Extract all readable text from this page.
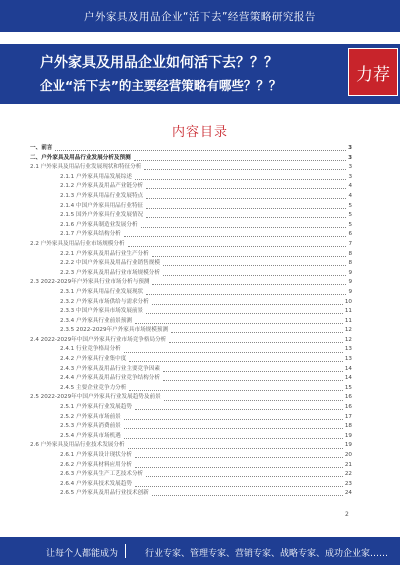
户外家具及用品企业“活下去”经营策略研究报告
户外家具及用品企业如何活下去？？？
企业“活下去”的主要经营策略有哪些？？？
力荐
内容目录
一、前言	3
二、户外家具及用品行业发展分析及预测	3
2.1 户外家具及用品行业发展现状和特征分析	3
2.1.1 户外家具用品发展综述	3
2.1.2 户外家具及用品产业链分析	4
2.1.3 户外家具用品行业发展特点	4
2.1.4 中国户外家具用品行业特征	5
2.1.5 国外户外家具行业发展情况	5
2.1.6 户外家具制造业发展分析	5
2.1.7 户外家具结构分析	6
2.2 户外家具及用品行业市场规模分析	7
2.2.1 户外家具及用品行业生产分析	8
2.2.2 中国户外家具及用品行业销售规模	8
2.2.3 户外家具及用品行业市场规模分析	9
2.3 2022-2029年户外家具行业市场分析与预测	9
2.3.1 户外家具用品行业发展现状	9
2.3.2 户外家具市场供给与需求分析	10
2.3.3 中国户外家具市场发展前景	11
2.3.4 户外家具行业前景预测	11
2.3.5 2022-2029年户外家具市场规模预测	12
2.4 2022-2029年中国户外家具行业市场竞争格局分析	12
2.4.1 行业竞争格局分析	13
2.4.2 户外家具行业集中度	13
2.4.3 户外家具及用品行业主要竞争因素	14
2.4.4 户外家具及用品行业竞争结构分析	14
2.4.5 主要企业竞争力分析	15
2.5 2022-2029年中国户外家具行业发展趋势及前景	16
2.5.1 户外家具行业发展趋势	16
2.5.2 户外家具市场前景	17
2.5.3 户外家具消费前景	18
2.5.4 户外家具市场机遇	19
2.6 户外家具及用品行业技术发展分析	19
2.6.1 户外家具设计现状分析	20
2.6.2 户外家具材料应用分析	21
2.6.3 户外家具生产工艺技术分析	22
2.6.4 户外家具技术发展趋势	23
2.6.5 户外家具及用品行业技术创新	24
2
让每个人都能成为	行业专家、管理专家、营销专家、战略专家、成功企业家……
